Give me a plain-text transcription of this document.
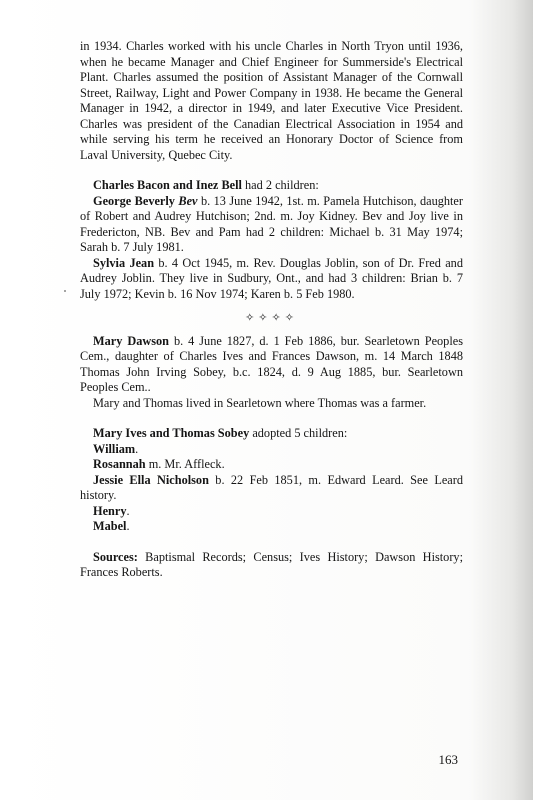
in 1934. Charles worked with his uncle Charles in North Tryon until 1936, when he became Manager and Chief Engineer for Summerside's Electrical Plant. Charles assumed the position of Assistant Manager of the Cornwall Street, Railway, Light and Power Company in 1938. He became the General Manager in 1942, a director in 1949, and later Executive Vice President. Charles was president of the Canadian Electrical Association in 1954 and while serving his term he received an Honorary Doctor of Science from Laval University, Quebec City.

Charles Bacon and Inez Bell had 2 children:

George Beverly Bev b. 13 June 1942, 1st. m. Pamela Hutchison, daughter of Robert and Audrey Hutchison; 2nd. m. Joy Kidney. Bev and Joy live in Fredericton, NB. Bev and Pam had 2 children: Michael b. 31 May 1974; Sarah b. 7 July 1981.

Sylvia Jean b. 4 Oct 1945, m. Rev. Douglas Joblin, son of Dr. Fred and Audrey Joblin. They live in Sudbury, Ont., and had 3 children: Brian b. 7 July 1972; Kevin b. 16 Nov 1974; Karen b. 5 Feb 1980.

✧✧✧✧

Mary Dawson b. 4 June 1827, d. 1 Feb 1886, bur. Searletown Peoples Cem., daughter of Charles Ives and Frances Dawson, m. 14 March 1848 Thomas John Irving Sobey, b.c. 1824, d. 9 Aug 1885, bur. Searletown Peoples Cem..

Mary and Thomas lived in Searletown where Thomas was a farmer.

Mary Ives and Thomas Sobey adopted 5 children:

William.

Rosannah m. Mr. Affleck.

Jessie Ella Nicholson b. 22 Feb 1851, m. Edward Leard. See Leard history.

Henry.

Mabel.

Sources: Baptismal Records; Census; Ives History; Dawson History; Frances Roberts.

163
